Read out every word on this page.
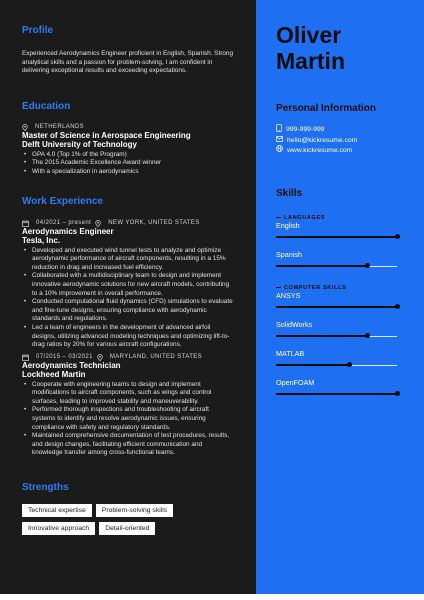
Profile
Experienced Aerodynamics Engineer proficient in English, Spanish. Strong analytical skills and a passion for problem-solving, I am confident in delivering exceptional results and exceeding expectations.
Education
NETHERLANDS
Master of Science in Aerospace Engineering
Delft University of Technology
• GPA 4.0 (Top 1% of the Program)
• The 2015 Academic Excellence Award winner
• With a specialization in aerodynamics
Work Experience
04/2021 – present	NEW YORK, UNITED STATES
Aerodynamics Engineer
Tesla, Inc.
• Developed and executed wind tunnel tests to analyze and optimize aerodynamic performance of aircraft components, resulting in a 15% reduction in drag and increased fuel efficiency.
• Collaborated with a multidisciplinary team to design and implement innovative aerodynamic solutions for new aircraft models, contributing to a 10% improvement in overall performance.
• Conducted computational fluid dynamics (CFD) simulations to evaluate and fine-tune designs, ensuring compliance with aerodynamic standards and regulations.
• Led a team of engineers in the development of advanced airfoil designs, utilizing advanced modeling techniques and optimizing lift-to-drag ratios by 20% for various aircraft configurations.
07/2015 – 03/2021	MARYLAND, UNITED STATES
Aerodynamics Technician
Lockheed Martin
• Cooperate with engineering teams to design and implement modifications to aircraft components, such as wings and control surfaces, leading to improved stability and maneuverability.
• Performed thorough inspections and troubleshooting of aircraft systems to identify and resolve aerodynamic issues, ensuring compliance with safety and regulatory standards.
• Maintained comprehensive documentation of test procedures, results, and design changes, facilitating efficient communication and knowledge transfer among cross-functional teams.
Strengths
Technical expertise	Problem-solving skills
Innovative approach	Detail-oriented
Oliver
Martin
Personal Information
999-999-999
hello@kickresume.com
www.kickresume.com
Skills
LANGUAGES
English
Spanish
COMPUTER SKILLS
ANSYS
SolidWorks
MATLAB
OpenFOAM
